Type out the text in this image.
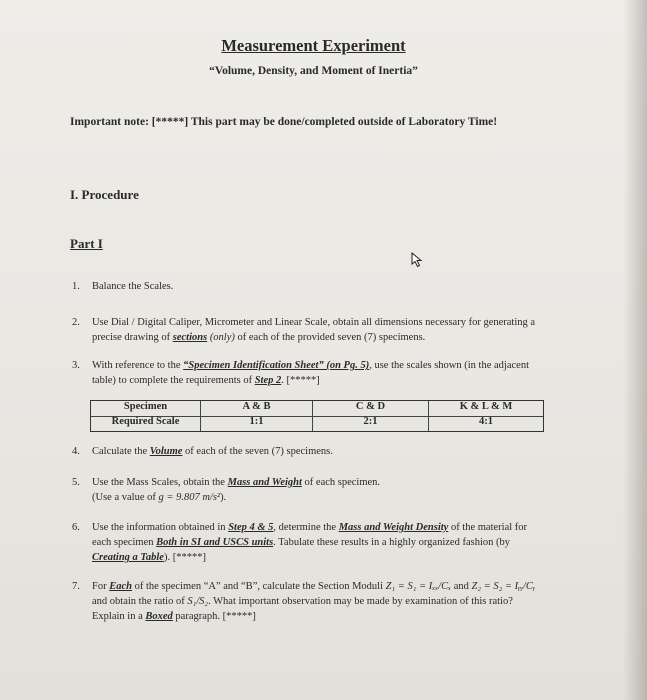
Measurement Experiment
“Volume, Density, and Moment of Inertia”
Important note: [*****] This part may be done/completed outside of Laboratory Time!
I. Procedure
Part I
1. Balance the Scales.
2. Use Dial / Digital Caliper, Micrometer and Linear Scale, obtain all dimensions necessary for generating a precise drawing of sections (only) of each of the provided seven (7) specimens.
3. With reference to the “Specimen Identification Sheet” (on Pg. 5), use the scales shown (in the adjacent table) to complete the requirements of Step 2. [*****]
Specimen
Required Scale
A & B
1:1
C & D
2:1
K & L & M
4:1
4. Calculate the Volume of each of the seven (7) specimens.
5. Use the Mass Scales, obtain the Mass and Weight of each specimen.
(Use a value of g = 9.807 m/s²).
6. Use the information obtained in Step 4 & 5, determine the Mass and Weight Density of the material for each specimen Both in SI and USCS units. Tabulate these results in a highly organized fashion (by Creating a Table). [*****]
7. For Each of the specimen “A” and “B”, calculate the Section Moduli Z₁ = S₁ = Iₓₓ/Cₓ and Z₂ = S₂ = Iᵧᵧ/Cᵧ and obtain the ratio of S₁/S₂. What important observation may be made by examination of this ratio? Explain in a Boxed paragraph. [*****]
